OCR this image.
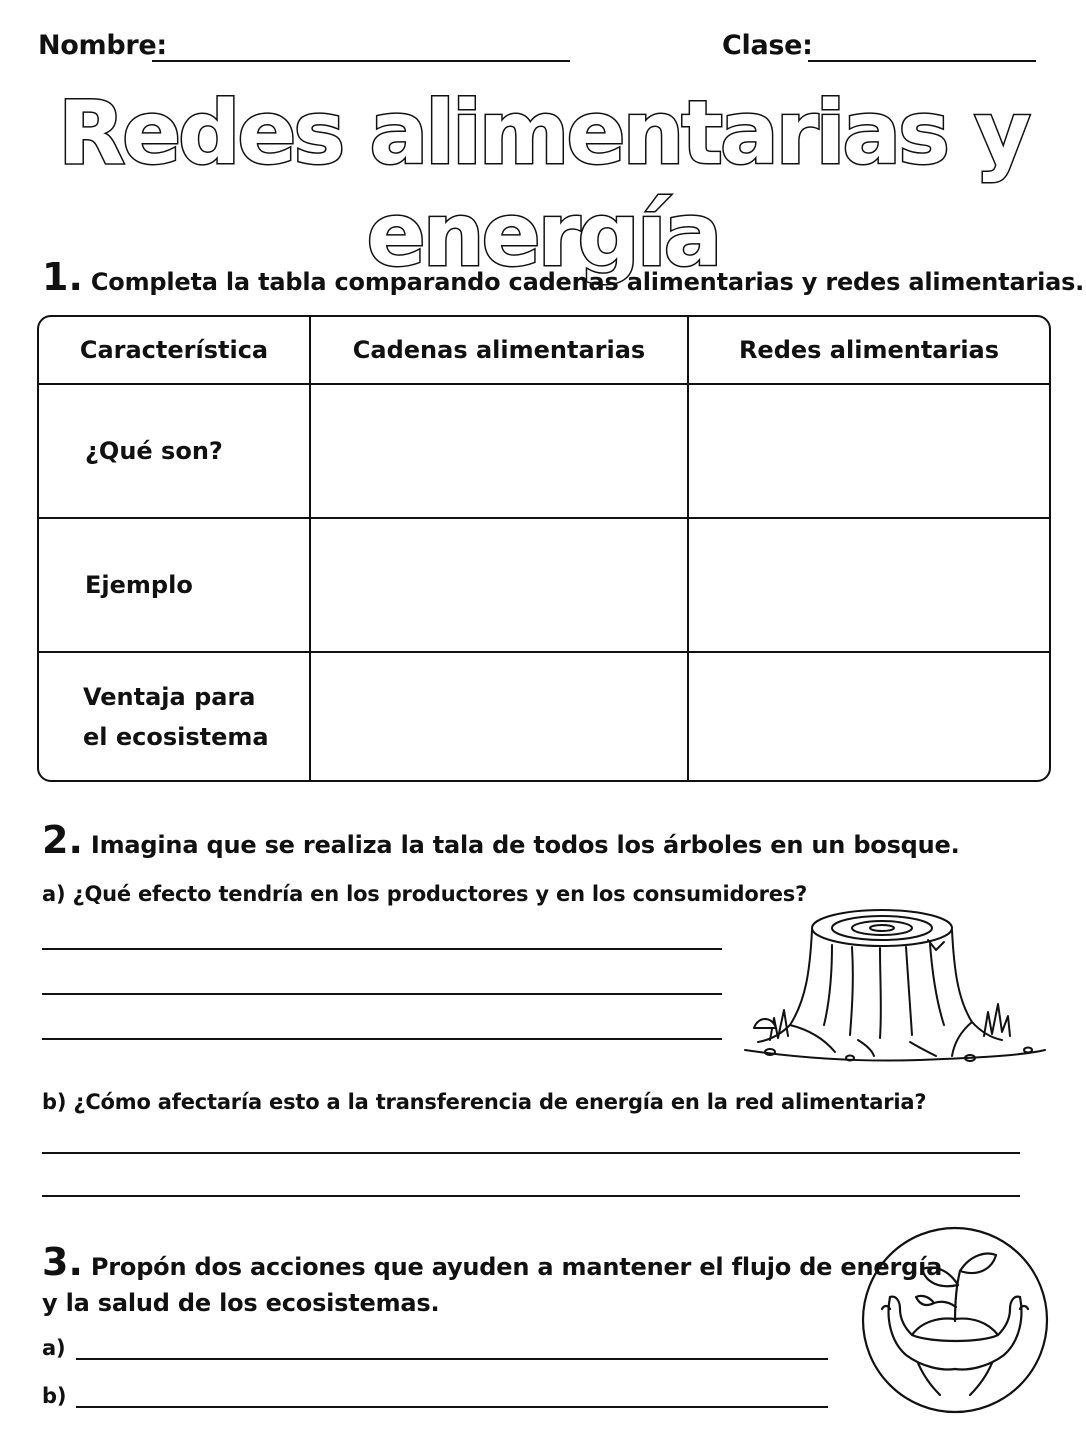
Nombre:	Clase:
Redes alimentarias y energía
1. Completa la tabla comparando cadenas alimentarias y redes alimentarias.
Característica	Cadenas alimentarias	Redes alimentarias
¿Qué son?		
Ejemplo		

Ventaja para
el ecosistema		

2. Imagina que se realiza la tala de todos los árboles en un bosque.
a) ¿Qué efecto tendría en los productores y en los consumidores?
b) ¿Cómo afectaría esto a la transferencia de energía en la red alimentaria?
3. Propón dos acciones que ayuden a mantener el flujo de energía
y la salud de los ecosistemas.
a)
b)
